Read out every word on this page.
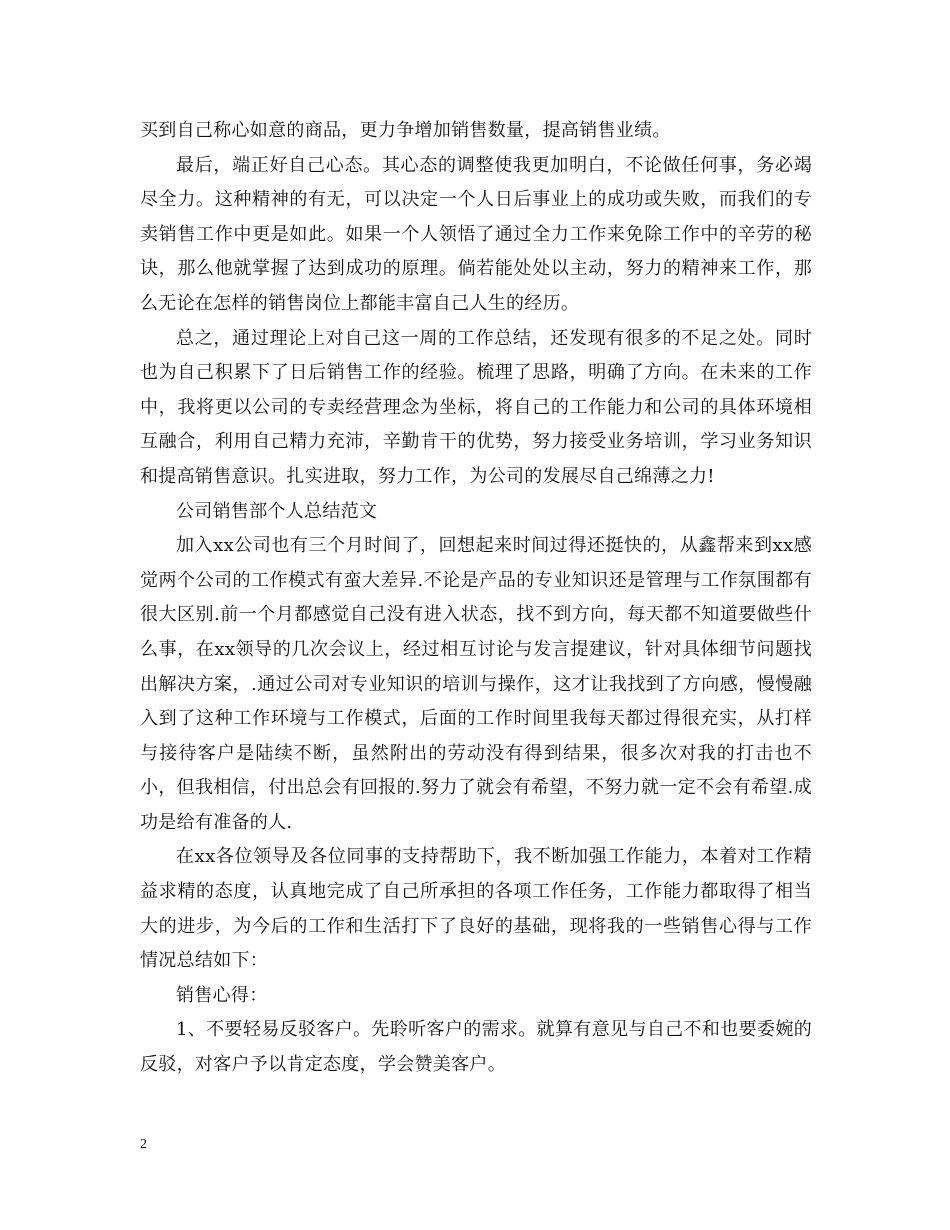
买到自己称心如意的商品，更力争增加销售数量，提高销售业绩。

最后，端正好自己心态。其心态的调整使我更加明白，不论做任何事，务必竭尽全力。这种精神的有无，可以决定一个人日后事业上的成功或失败，而我们的专卖销售工作中更是如此。如果一个人领悟了通过全力工作来免除工作中的辛劳的秘诀，那么他就掌握了达到成功的原理。倘若能处处以主动，努力的精神来工作，那么无论在怎样的销售岗位上都能丰富自己人生的经历。

总之，通过理论上对自己这一周的工作总结，还发现有很多的不足之处。同时也为自己积累下了日后销售工作的经验。梳理了思路，明确了方向。在未来的工作中，我将更以公司的专卖经营理念为坐标，将自己的工作能力和公司的具体环境相互融合，利用自己精力充沛，辛勤肯干的优势，努力接受业务培训，学习业务知识和提高销售意识。扎实进取，努力工作，为公司的发展尽自己绵薄之力!

公司销售部个人总结范文

加入xx公司也有三个月时间了，回想起来时间过得还挺快的，从鑫帮来到xx感觉两个公司的工作模式有蛮大差异.不论是产品的专业知识还是管理与工作氛围都有很大区别.前一个月都感觉自己没有进入状态，找不到方向，每天都不知道要做些什么事，在xx领导的几次会议上，经过相互讨论与发言提建议，针对具体细节问题找出解决方案，.通过公司对专业知识的培训与操作，这才让我找到了方向感，慢慢融入到了这种工作环境与工作模式，后面的工作时间里我每天都过得很充实，从打样与接待客户是陆续不断，虽然附出的劳动没有得到结果，很多次对我的打击也不小，但我相信，付出总会有回报的.努力了就会有希望，不努力就一定不会有希望.成功是给有准备的人.

在xx各位领导及各位同事的支持帮助下，我不断加强工作能力，本着对工作精益求精的态度，认真地完成了自己所承担的各项工作任务，工作能力都取得了相当大的进步，为今后的工作和生活打下了良好的基础，现将我的一些销售心得与工作情况总结如下：

销售心得：

1、不要轻易反驳客户。先聆听客户的需求。就算有意见与自己不和也要委婉的反驳，对客户予以肯定态度，学会赞美客户。

2
